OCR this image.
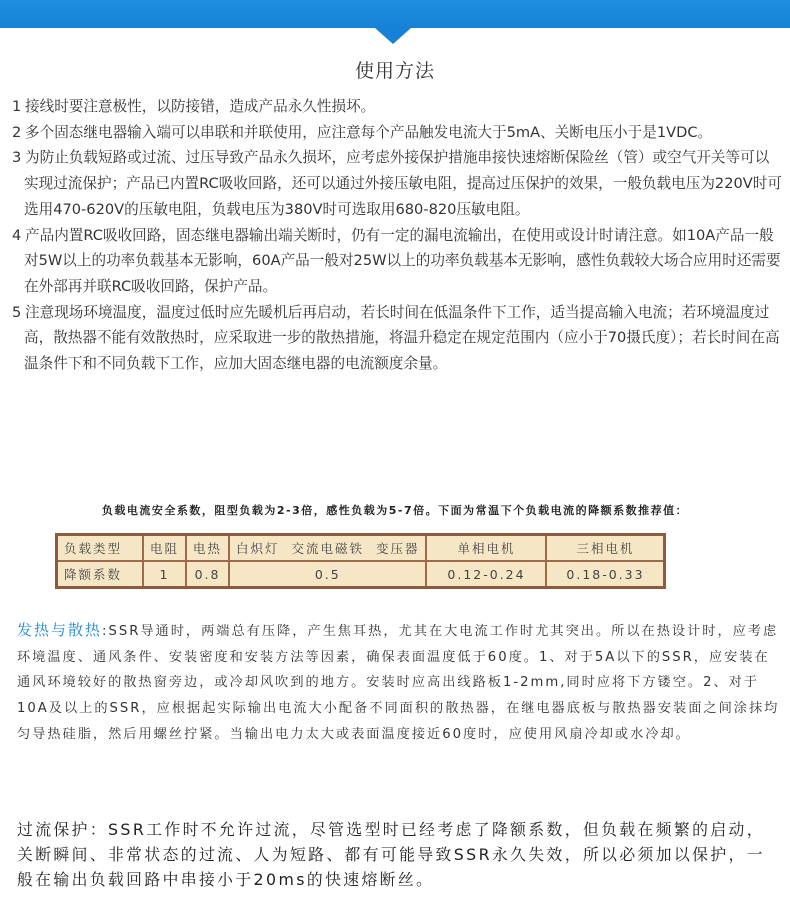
使用方法

1 接线时要注意极性，以防接错，造成产品永久性损坏。

2 多个固态继电器输入端可以串联和并联使用，应注意每个产品触发电流大于5mA、关断电压小于是1VDC。

3 为防止负载短路或过流、过压导致产品永久损坏，应考虑外接保护措施串接快速熔断保险丝（管）或空气开关等可以实现过流保护；产品已内置RC吸收回路，还可以通过外接压敏电阻，提高过压保护的效果，一般负载电压为220V时可选用470-620V的压敏电阻，负载电压为380V时可选取用680-820压敏电阻。

4 产品内置RC吸收回路，固态继电器输出端关断时，仍有一定的漏电流输出，在使用或设计时请注意。如10A产品一般对5W以上的功率负载基本无影响，60A产品一般对25W以上的功率负载基本无影响，感性负载较大场合应用时还需要在外部再并联RC吸收回路，保护产品。

5 注意现场环境温度，温度过低时应先暖机后再启动，若长时间在低温条件下工作，适当提高输入电流；若环境温度过高，散热器不能有效散热时，应采取进一步的散热措施，将温升稳定在规定范围内（应小于70摄氏度）；若长时间在高温条件下和不同负载下工作，应加大固态继电器的电流额度余量。

负载电流安全系数，阻型负载为2-3倍，感性负载为5-7倍。下面为常温下个负载电流的降额系数推荐值：
负载类型	电阻	电热	白炽灯 交流电磁铁 变压器	单相电机	三相电机
降额系数	1	0.8	0.5	0.12-0.24	0.18-0.33
发热与散热:SSR导通时，两端总有压降，产生焦耳热，尤其在大电流工作时尤其突出。所以在热设计时，应考虑环境温度、通风条件、安装密度和安装方法等因素，确保表面温度低于60度。1、对于5A以下的SSR，应安装在通风环境较好的散热窗旁边，或冷却风吹到的地方。安装时应高出线路板1-2mm,同时应将下方镂空。2、对于10A及以上的SSR，应根据起实际输出电流大小配备不同面积的散热器，在继电器底板与散热器安装面之间涂抹均匀导热硅脂，然后用螺丝拧紧。当输出电力太大或表面温度接近60度时，应使用风扇冷却或水冷却。
过流保护：SSR工作时不允许过流，尽管选型时已经考虑了降额系数，但负载在频繁的启动，关断瞬间、非常状态的过流、人为短路、都有可能导致SSR永久失效，所以必须加以保护，一般在输出负载回路中串接小于20ms的快速熔断丝。
